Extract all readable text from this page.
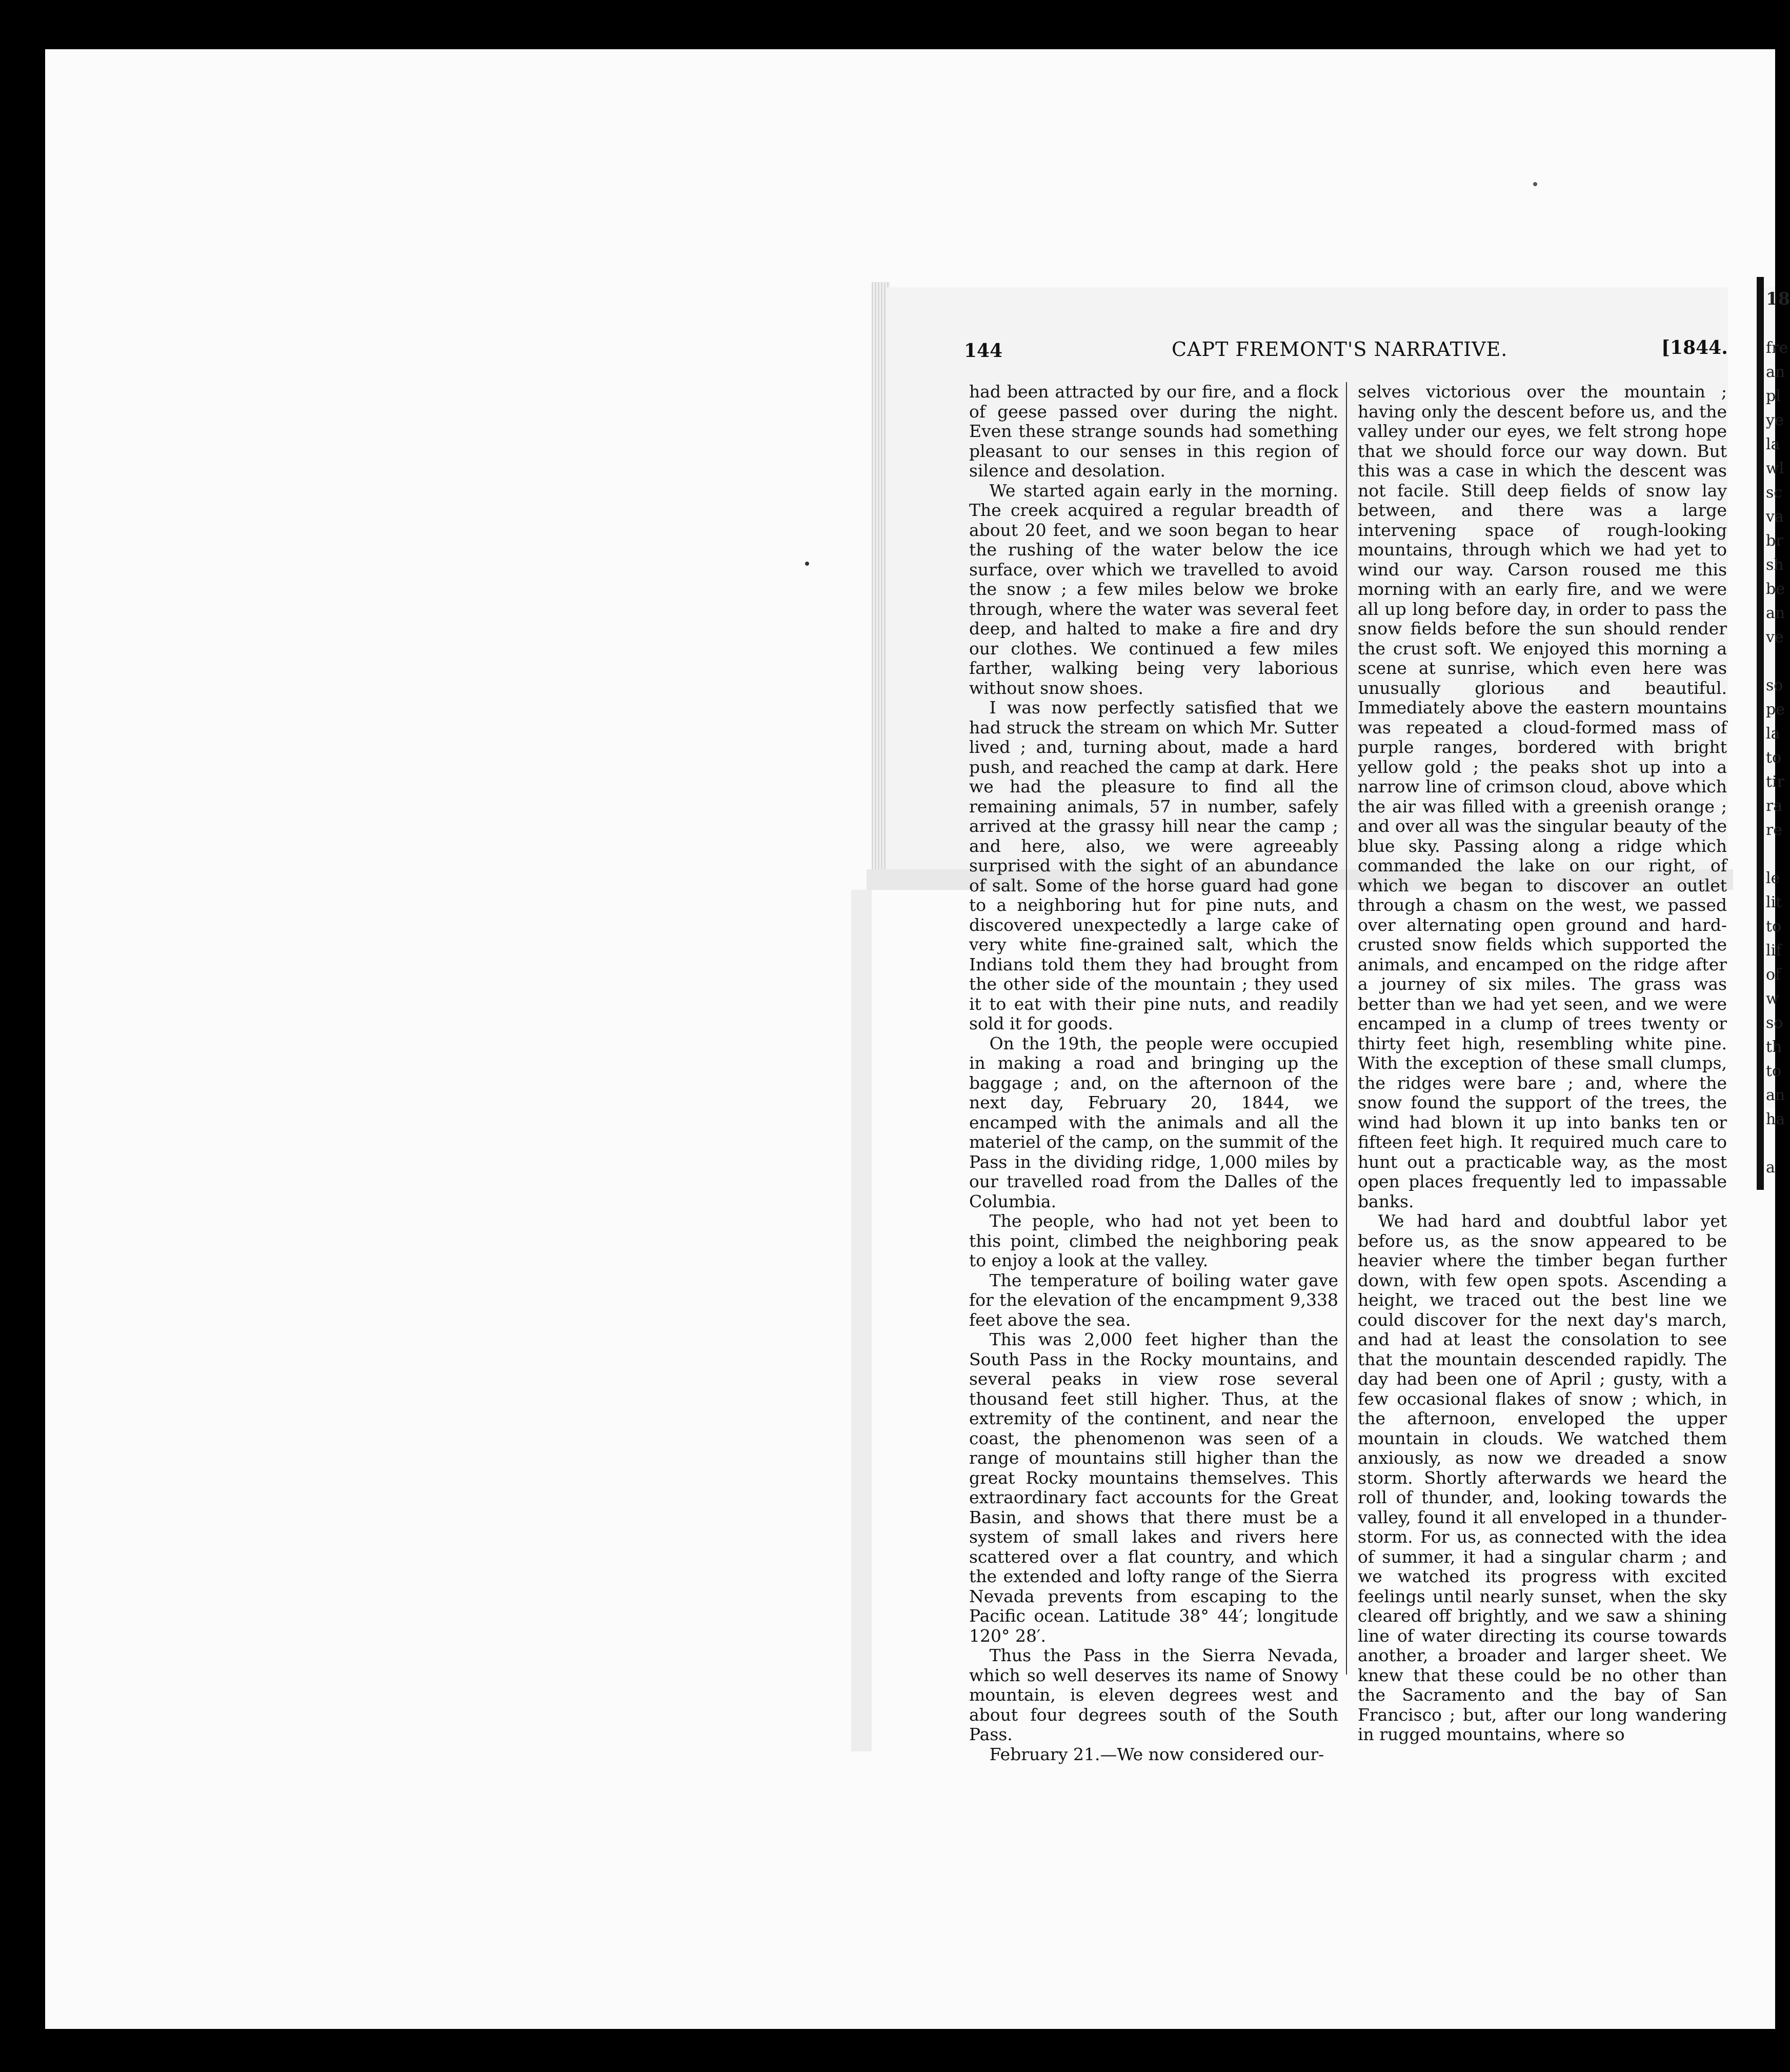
144	CAPT FREMONT'S NARRATIVE.	[1844.

had been attracted by our fire, and a flock of geese passed over during the night. Even these strange sounds had something pleasant to our senses in this region of silence and desolation.

We started again early in the morning. The creek acquired a regular breadth of about 20 feet, and we soon began to hear the rushing of the water below the ice surface, over which we travelled to avoid the snow ; a few miles below we broke through, where the water was several feet deep, and halted to make a fire and dry our clothes. We continued a few miles farther, walking being very laborious without snow shoes.

I was now perfectly satisfied that we had struck the stream on which Mr. Sutter lived ; and, turning about, made a hard push, and reached the camp at dark. Here we had the pleasure to find all the remaining animals, 57 in number, safely arrived at the grassy hill near the camp ; and here, also, we were agreeably surprised with the sight of an abundance of salt. Some of the horse guard had gone to a neighboring hut for pine nuts, and discovered unexpectedly a large cake of very white fine-grained salt, which the Indians told them they had brought from the other side of the mountain ; they used it to eat with their pine nuts, and readily sold it for goods.

On the 19th, the people were occupied in making a road and bringing up the baggage ; and, on the afternoon of the next day, February 20, 1844, we encamped with the animals and all the materiel of the camp, on the summit of the Pass in the dividing ridge, 1,000 miles by our travelled road from the Dalles of the Columbia.

The people, who had not yet been to this point, climbed the neighboring peak to enjoy a look at the valley.

The temperature of boiling water gave for the elevation of the encampment 9,338 feet above the sea.

This was 2,000 feet higher than the South Pass in the Rocky mountains, and several peaks in view rose several thousand feet still higher. Thus, at the extremity of the continent, and near the coast, the phenomenon was seen of a range of mountains still higher than the great Rocky mountains themselves. This extraordinary fact accounts for the Great Basin, and shows that there must be a system of small lakes and rivers here scattered over a flat country, and which the extended and lofty range of the Sierra Nevada prevents from escaping to the Pacific ocean. Latitude 38° 44′; longitude 120° 28′.

Thus the Pass in the Sierra Nevada, which so well deserves its name of Snowy mountain, is eleven degrees west and about four degrees south of the South Pass.

February 21.—We now considered our-

selves victorious over the mountain ; having only the descent before us, and the valley under our eyes, we felt strong hope that we should force our way down. But this was a case in which the descent was not facile. Still deep fields of snow lay between, and there was a large intervening space of rough-looking mountains, through which we had yet to wind our way. Carson roused me this morning with an early fire, and we were all up long before day, in order to pass the snow fields before the sun should render the crust soft. We enjoyed this morning a scene at sunrise, which even here was unusually glorious and beautiful. Immediately above the eastern mountains was repeated a cloud-formed mass of purple ranges, bordered with bright yellow gold ; the peaks shot up into a narrow line of crimson cloud, above which the air was filled with a greenish orange ; and over all was the singular beauty of the blue sky. Passing along a ridge which commanded the lake on our right, of which we began to discover an outlet through a chasm on the west, we passed over alternating open ground and hard-crusted snow fields which supported the animals, and encamped on the ridge after a journey of six miles. The grass was better than we had yet seen, and we were encamped in a clump of trees twenty or thirty feet high, resembling white pine. With the exception of these small clumps, the ridges were bare ; and, where the snow found the support of the trees, the wind had blown it up into banks ten or fifteen feet high. It required much care to hunt out a practicable way, as the most open places frequently led to impassable banks.

We had hard and doubtful labor yet before us, as the snow appeared to be heavier where the timber began further down, with few open spots. Ascending a height, we traced out the best line we could discover for the next day's march, and had at least the consolation to see that the mountain descended rapidly. The day had been one of April ; gusty, with a few occasional flakes of snow ; which, in the afternoon, enveloped the upper mountain in clouds. We watched them anxiously, as now we dreaded a snow storm. Shortly afterwards we heard the roll of thunder, and, looking towards the valley, found it all enveloped in a thunder-storm. For us, as connected with the idea of summer, it had a singular charm ; and we watched its progress with excited feelings until nearly sunset, when the sky cleared off brightly, and we saw a shining line of water directing its course towards another, a broader and larger sheet. We knew that these could be no other than the Sacramento and the bay of San Francisco ; but, after our long wandering in rugged mountains, where so

18
fre
an
pl
ye
la
wl
sc
va
br
sh
be
an
ve

so
pe
la
to
tir
ra
re

le
lit
to
lif
of
w
so
th
to
an
ha

a
